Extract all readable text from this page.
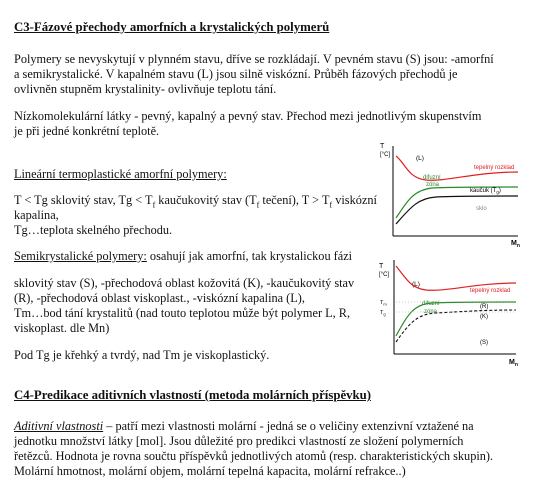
C3-Fázové přechody amorfních a krystalických polymerů
Polymery se nevyskytují v plynném stavu, dříve se rozkládají. V pevném stavu (S) jsou: -amorfní
a semikrystalické. V kapalném stavu (L) jsou silně viskózní. Průběh fázových přechodů je
ovlivněn stupněm krystalinity- ovlivňuje teplotu tání.
Nízkomolekulární látky - pevný, kapalný a pevný stav. Přechod mezi jednotlivým skupenstvím
je při jedné konkrétní teplotě.
Lineární termoplastické amorfní polymery:
T < Tg sklovitý stav, $Tg < T_f$ kaučukovitý stav ($T_f$ tečení), $T > T_f$ viskózní
kapalina,
Tg…teplota skelného přechodu.
Semikrystalické polymery: osahují jak amorfní, tak krystalickou fázi
sklovitý stav (S), -přechodová oblast kožovitá (K), -kaučukovitý stav
(R), -přechodová oblast viskoplast., -viskózní kapalina (L),
Tm…bod tání krystalitů (nad touto teplotou může být polymer L, R,
viskoplast. dle Mn)
Pod Tg je křehký a tvrdý, nad Tm je viskoplastický.
C4-Predikace aditivních vlastností (metoda molárních příspěvku)
Aditivní vlastnosti – patří mezi vlastnosti molární - jedná se o veličiny extenzivní vztažené na
jednotku množství látky [mol]. Jsou důležité pro predikci vlastností ze složení polymerních
řetězců. Hodnota je rovna součtu příspěvků jednotlivých atomů (resp. charakteristických skupin).
Molární hmotnost, molární objem, molární tepelná kapacita, molární refrakce..)
T
[°C]
$M_n$
(L)
tepelný rozklad
difuzní
zóna
kaučuk $(T_g)$
sklo
T
[°C]
$T_m$
$T_g$
$M_n$
(L)
tepelný rozklad
difuzní
zóna
(R)
(K)
(S)
